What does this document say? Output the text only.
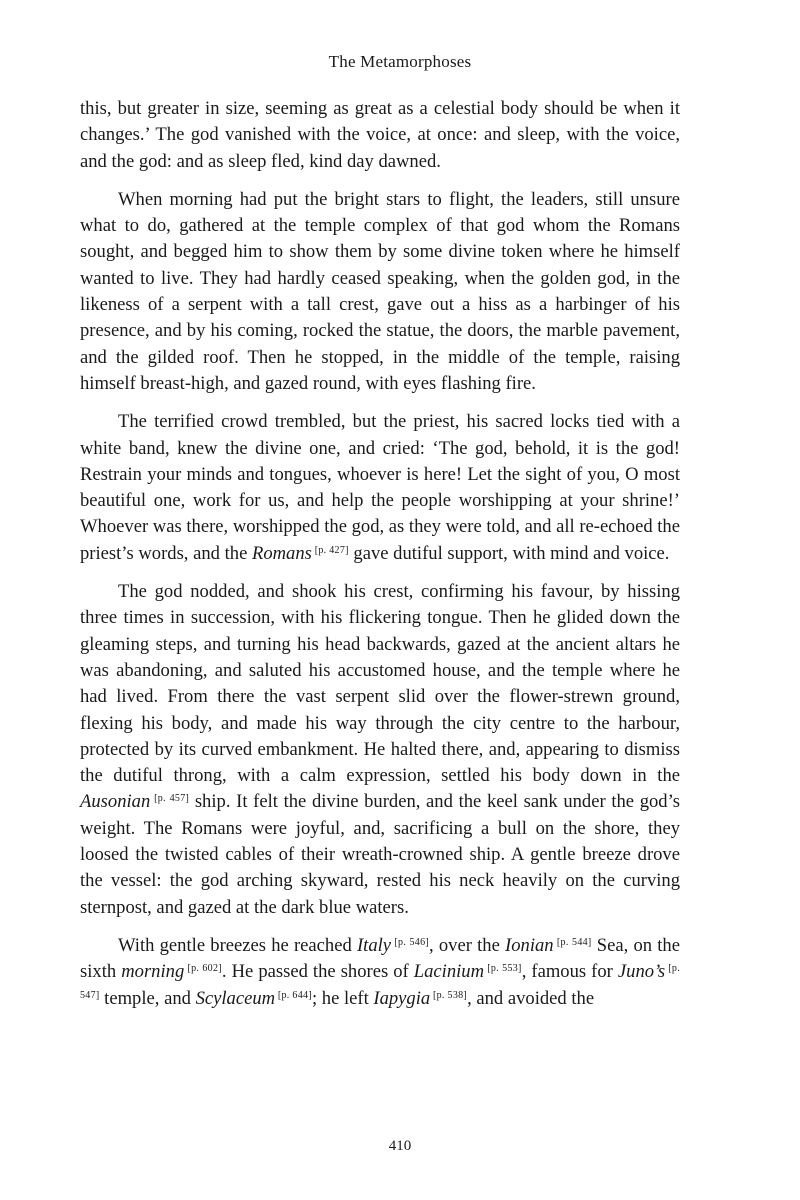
The Metamorphoses

this, but greater in size, seeming as great as a celestial body should be when it changes.’ The god vanished with the voice, at once: and sleep, with the voice, and the god: and as sleep fled, kind day dawned.

When morning had put the bright stars to flight, the leaders, still unsure what to do, gathered at the temple complex of that god whom the Romans sought, and begged him to show them by some divine token where he himself wanted to live. They had hardly ceased speaking, when the golden god, in the likeness of a serpent with a tall crest, gave out a hiss as a harbinger of his presence, and by his coming, rocked the statue, the doors, the marble pavement, and the gilded roof. Then he stopped, in the middle of the temple, raising himself breast-high, and gazed round, with eyes flashing fire.

The terrified crowd trembled, but the priest, his sacred locks tied with a white band, knew the divine one, and cried: ‘The god, behold, it is the god! Restrain your minds and tongues, whoever is here! Let the sight of you, O most beautiful one, work for us, and help the people worshipping at your shrine!’ Whoever was there, worshipped the god, as they were told, and all re-echoed the priest’s words, and the Romans [p. 427] gave dutiful support, with mind and voice.

The god nodded, and shook his crest, confirming his favour, by hissing three times in succession, with his flickering tongue. Then he glided down the gleaming steps, and turning his head backwards, gazed at the ancient altars he was abandoning, and saluted his accustomed house, and the temple where he had lived. From there the vast serpent slid over the flower-strewn ground, flexing his body, and made his way through the city centre to the harbour, protected by its curved embankment. He halted there, and, appearing to dismiss the dutiful throng, with a calm expression, settled his body down in the Ausonian [p. 457] ship. It felt the divine burden, and the keel sank under the god’s weight. The Romans were joyful, and, sacrificing a bull on the shore, they loosed the twisted cables of their wreath-crowned ship. A gentle breeze drove the vessel: the god arching skyward, rested his neck heavily on the curving sternpost, and gazed at the dark blue waters.

With gentle breezes he reached Italy [p. 546], over the Ionian [p. 544] Sea, on the sixth morning [p. 602]. He passed the shores of Lacinium [p. 553], famous for Juno’s [p. 547] temple, and Scylaceum [p. 644]; he left Iapygia [p. 538], and avoided the

410
